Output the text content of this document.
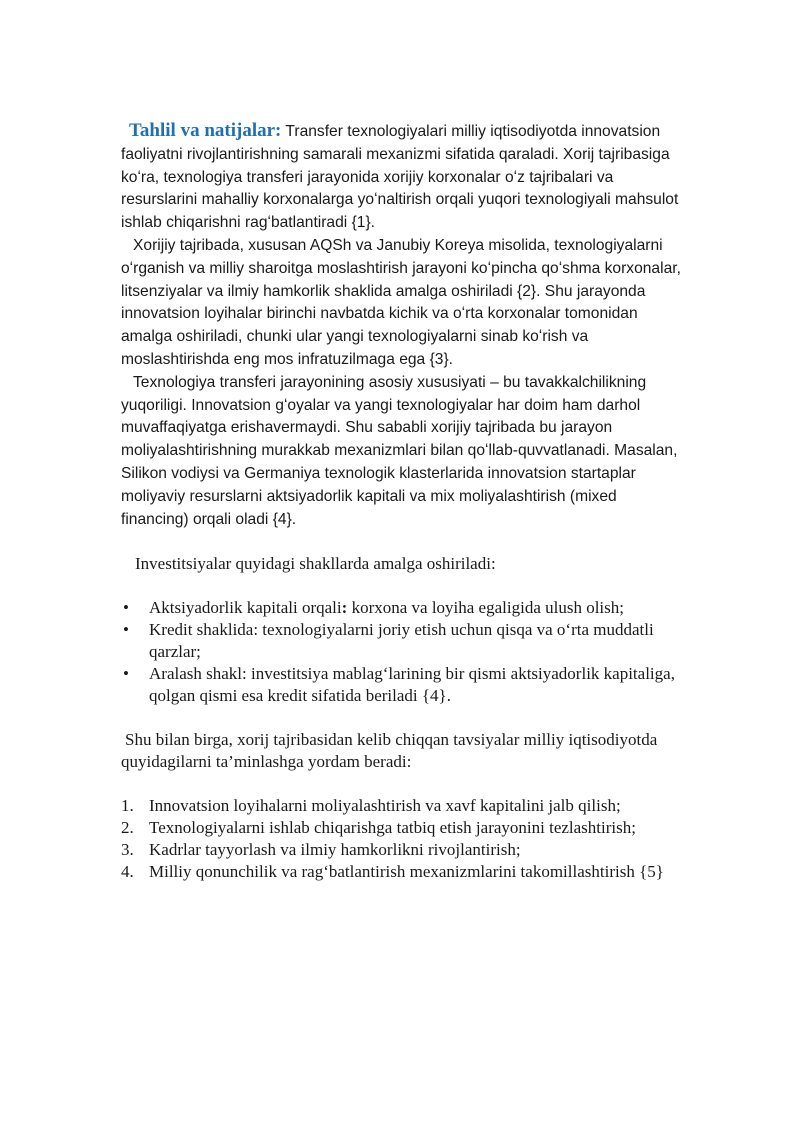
Tahlil va natijalar: Transfer texnologiyalari milliy iqtisodiyotda innovatsion faoliyatni rivojlantirishning samarali mexanizmi sifatida qaraladi. Xorij tajribasiga koʻra, texnologiya transferi jarayonida xorijiy korxonalar oʻz tajribalari va resurslarini mahalliy korxonalarga yoʻnaltirish orqali yuqori texnologiyali mahsulot ishlab chiqarishni ragʻbatlantiradi {1}.

Xorijiy tajribada, xususan AQSh va Janubiy Koreya misolida, texnologiyalarni oʻrganish va milliy sharoitga moslashtirish jarayoni koʻpincha qoʻshma korxonalar, litsenziyalar va ilmiy hamkorlik shaklida amalga oshiriladi {2}. Shu jarayonda innovatsion loyihalar birinchi navbatda kichik va oʻrta korxonalar tomonidan amalga oshiriladi, chunki ular yangi texnologiyalarni sinab koʻrish va moslashtirishda eng mos infratuzilmaga ega {3}.

Texnologiya transferi jarayonining asosiy xususiyati – bu tavakkalchilikning yuqoriligi. Innovatsion gʻoyalar va yangi texnologiyalar har doim ham darhol muvaffaqiyatga erishavermaydi. Shu sababli xorijiy tajribada bu jarayon moliyalashtirishning murakkab mexanizmlari bilan qoʻllab-quvvatlanadi. Masalan, Silikon vodiysi va Germaniya texnologik klasterlarida innovatsion startaplar moliyaviy resurslarni aktsiyadorlik kapitali va mix moliyalashtirish (mixed financing) orqali oladi {4}.

Investitsiyalar quyidagi shakllarda amalga oshiriladi:

•	Aktsiyadorlik kapitali orqali: korxona va loyiha egaligida ulush olish;
•	Kredit shaklida: texnologiyalarni joriy etish uchun qisqa va oʻrta muddatli qarzlar;
•	Aralash shakl: investitsiya mablagʻlarining bir qismi aktsiyadorlik kapitaliga, qolgan qismi esa kredit sifatida beriladi {4}.

Shu bilan birga, xorij tajribasidan kelib chiqqan tavsiyalar milliy iqtisodiyotda quyidagilarni ta’minlashga yordam beradi:

1. Innovatsion loyihalarni moliyalashtirish va xavf kapitalini jalb qilish;
2. Texnologiyalarni ishlab chiqarishga tatbiq etish jarayonini tezlashtirish;
3. Kadrlar tayyorlash va ilmiy hamkorlikni rivojlantirish;
4. Milliy qonunchilik va ragʻbatlantirish mexanizmlarini takomillashtirish {5}
